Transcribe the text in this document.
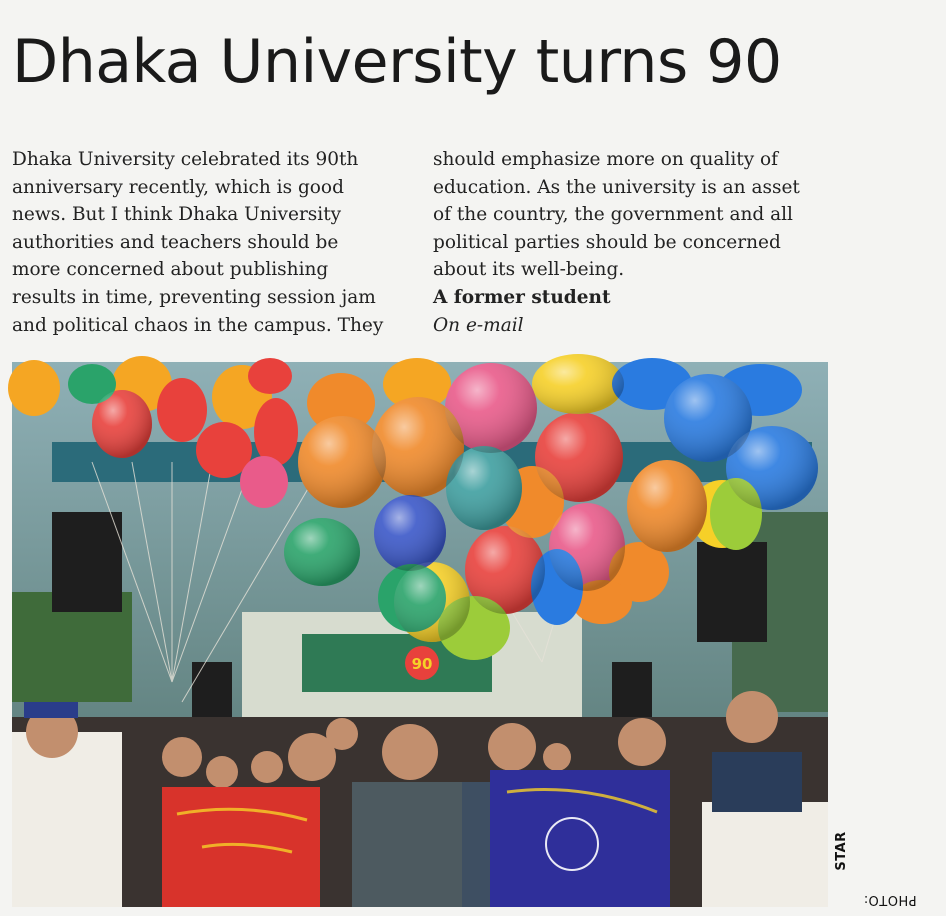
Dhaka University turns 90
Dhaka University celebrated its 90th
anniversary recently, which is good
news. But I think Dhaka University
authorities and teachers should be
more concerned about publishing
results in time, preventing session jam
and political chaos in the campus. They
should emphasize more on quality of
education. As the university is an asset
of the country, the government and all
political parties should be concerned
about its well-being.
A former student
On e-mail
90
PHOTO:
STAR
